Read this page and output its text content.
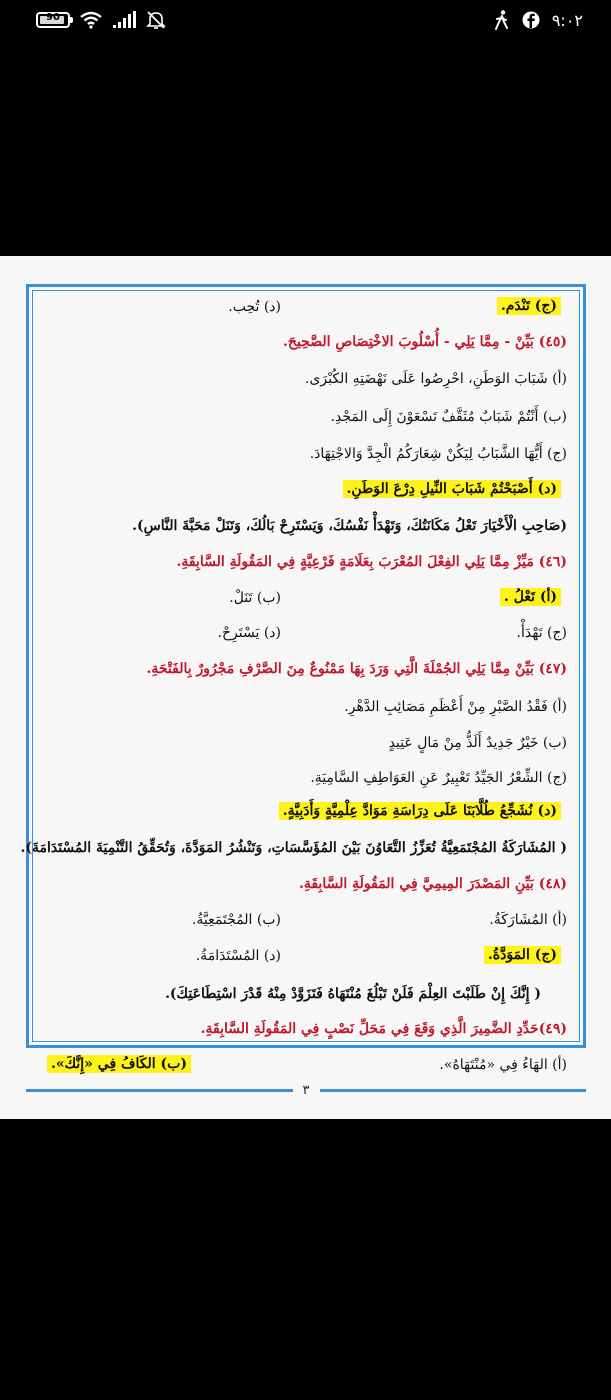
90	٩:٠٢
(ج) تَنْدَم.
(د) تُحِب.
(٤٥) بَيِّنْ - مِمَّا يَلِي - أُسْلُوبَ الاخْتِصَاصِ الصَّحِيحَ.
(أ) شَبَابَ الوَطَنِ، احْرِصُوا عَلَى نَهْضَتِهِ الكُبْرَى.
(ب) أَنْتُمْ شَبَابٌ مُثَقَّفٌ تَسْعَوْنَ إِلَى المَجْدِ.
(ج) أَيُّهَا الشَّبَابُ لِيَكُنْ شِعَارَكُمُ الْجِدَّ وَالاجْتِهَادَ.
(د) أَصْبَحْتُمْ شَبَابَ النِّيلِ دِرْعَ الوَطَنِ.
(صَاحِبِ الْأَخْيَارَ تَعْلُ مَكَانَتُكَ، وَتَهْدَأْ نَفْسُكَ، وَيَسْتَرِحْ بَالُكَ، وَتَنَلْ مَحَبَّةَ النَّاسِ).
(٤٦) مَيِّزْ مِمَّا يَلِي الفِعْلَ المُعْرَبَ بِعَلَامَةٍ فَرْعِيَّةٍ فِي المَقُولَةِ السَّابِقَةِ.
(أ) تَعْلُ .
(ب) تَنَلْ.
(ج) تَهْدَأْ.
(د) يَسْتَرِحْ.
(٤٧) بَيِّنْ مِمَّا يَلِي الجُمْلَةَ الَّتِي وَرَدَ بِهَا مَمْنُوعٌ مِنَ الصَّرْفِ مَجْرُورٌ بِالفَتْحَةِ.
(أ) فَقْدُ الصَّبْرِ مِنْ أَعْظَمِ مَصَائِبِ الدَّهْرِ.
(ب) خَيْرٌ جَدِيدٌ أَلَذُّ مِنْ مَالٍ عَتِيدٍ
(ج) الشِّعْرُ الجَيِّدُ تَعْبِيرٌ عَنِ العَوَاطِفِ السَّامِيَةِ.
(د) نُشَجِّعُ طُلَّابَنَا عَلَى دِرَاسَةِ مَوَادَّ عِلْمِيَّةٍ وَأَدَبِيَّةٍ.
( المُشَارَكَةُ المُجْتَمَعِيَّةُ تُعَزِّزُ التَّعَاوُنَ بَيْنَ المُؤَسَّسَاتِ، وَتَنْشُرُ المَوَدَّةَ، وَتُحَقِّقُ التَّنْمِيَةَ المُسْتَدَامَةَ).
(٤٨) بَيِّنِ المَصْدَرَ المِيمِيَّ فِي المَقُولَةِ السَّابِقَةِ.
(أ) المُشَارَكَةُ.
(ب) المُجْتَمَعِيَّةُ.
(ج) المَوَدَّةُ.
(د) المُسْتَدَامَةُ.
( إِنَّكَ إِنْ طَلَبْتَ العِلْمَ فَلَنْ تَبْلُغَ مُنْتَهَاهُ فَتَزَوَّدْ مِنْهُ قَدْرَ اسْتِطَاعَتِكَ).
(٤٩)حَدِّدِ الضَّمِيرَ الَّذِي وَقَعَ فِي مَحَلِّ نَصْبٍ فِي المَقُولَةِ السَّابِقَةِ.
(أ) الهَاءُ فِي «مُنْتَهَاهُ».
(ب) الكَافُ فِي «إِنَّكَ».
٣
